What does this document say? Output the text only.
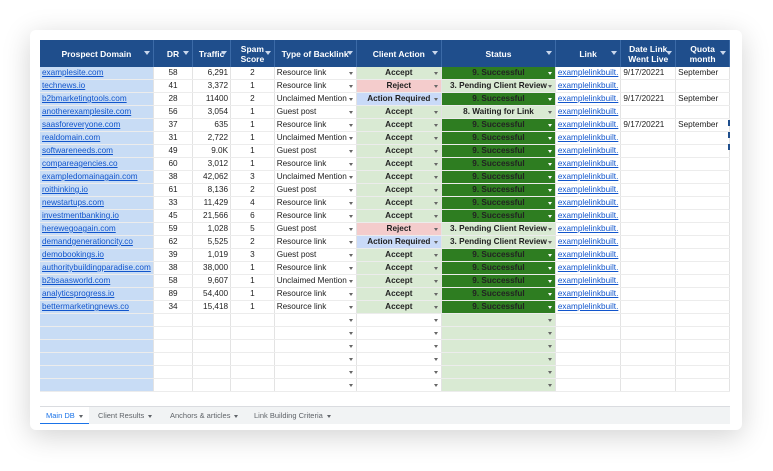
Prospect Domain	DR	Traffic	Spam Score	Type of Backlink	Client Action	Status	Link	Date Link Went Live	Quota month

examplesite.com	58	6,291	2	Resource link	Accept	9. Successful	examplelinkbuilt.	9/17/20221	September
technews.io	41	3,372	1	Resource link	Reject	3. Pending Client Review	examplelinkbuilt.		
b2bmarketingtools.com	28	11400	2	Unclaimed Mention	Action Required	9. Successful	examplelinkbuilt.	9/17/20221	September
anotherexamplesite.com	56	3,054	1	Guest post	Accept	8. Waiting for Link	examplelinkbuilt.		
saasforeveryone.com	37	635	1	Resource link	Accept	9. Successful	examplelinkbuilt.	9/17/20221	September
realdomain.com	31	2,722	1	Unclaimed Mention	Accept	9. Successful	examplelinkbuilt.		
softwareneeds.com	49	9.0K	1	Guest post	Accept	9. Successful	examplelinkbuilt.		
compareagencies.co	60	3,012	1	Resource link	Accept	9. Successful	examplelinkbuilt.		
exampledomainagain.com	38	42,062	3	Unclaimed Mention	Accept	9. Successful	examplelinkbuilt.		
roithinking.io	61	8,136	2	Guest post	Accept	9. Successful	examplelinkbuilt.		
newstartups.com	33	11,429	4	Resource link	Accept	9. Successful	examplelinkbuilt.		
investmentbanking.io	45	21,566	6	Resource link	Accept	9. Successful	examplelinkbuilt.		
herewegoagain.com	59	1,028	5	Guest post	Reject	3. Pending Client Review	examplelinkbuilt.		
demandgenerationcity.co	62	5,525	2	Resource link	Action Required	3. Pending Client Review	examplelinkbuilt.		
demobookings.io	39	1,019	3	Guest post	Accept	9. Successful	examplelinkbuilt.		
authoritybuildingparadise.com	38	38,000	1	Resource link	Accept	9. Successful	examplelinkbuilt.		
b2bsaasworld.com	58	9,607	1	Unclaimed Mention	Accept	9. Successful	examplelinkbuilt.		
analyticsprogress.io	89	54,400	1	Resource link	Accept	9. Successful	examplelinkbuilt.		
bettermarketingnews.co	34	15,418	1	Resource link	Accept	9. Successful	examplelinkbuilt.		

Main DB	Client Results	Anchors & articles	Link Building Criteria
